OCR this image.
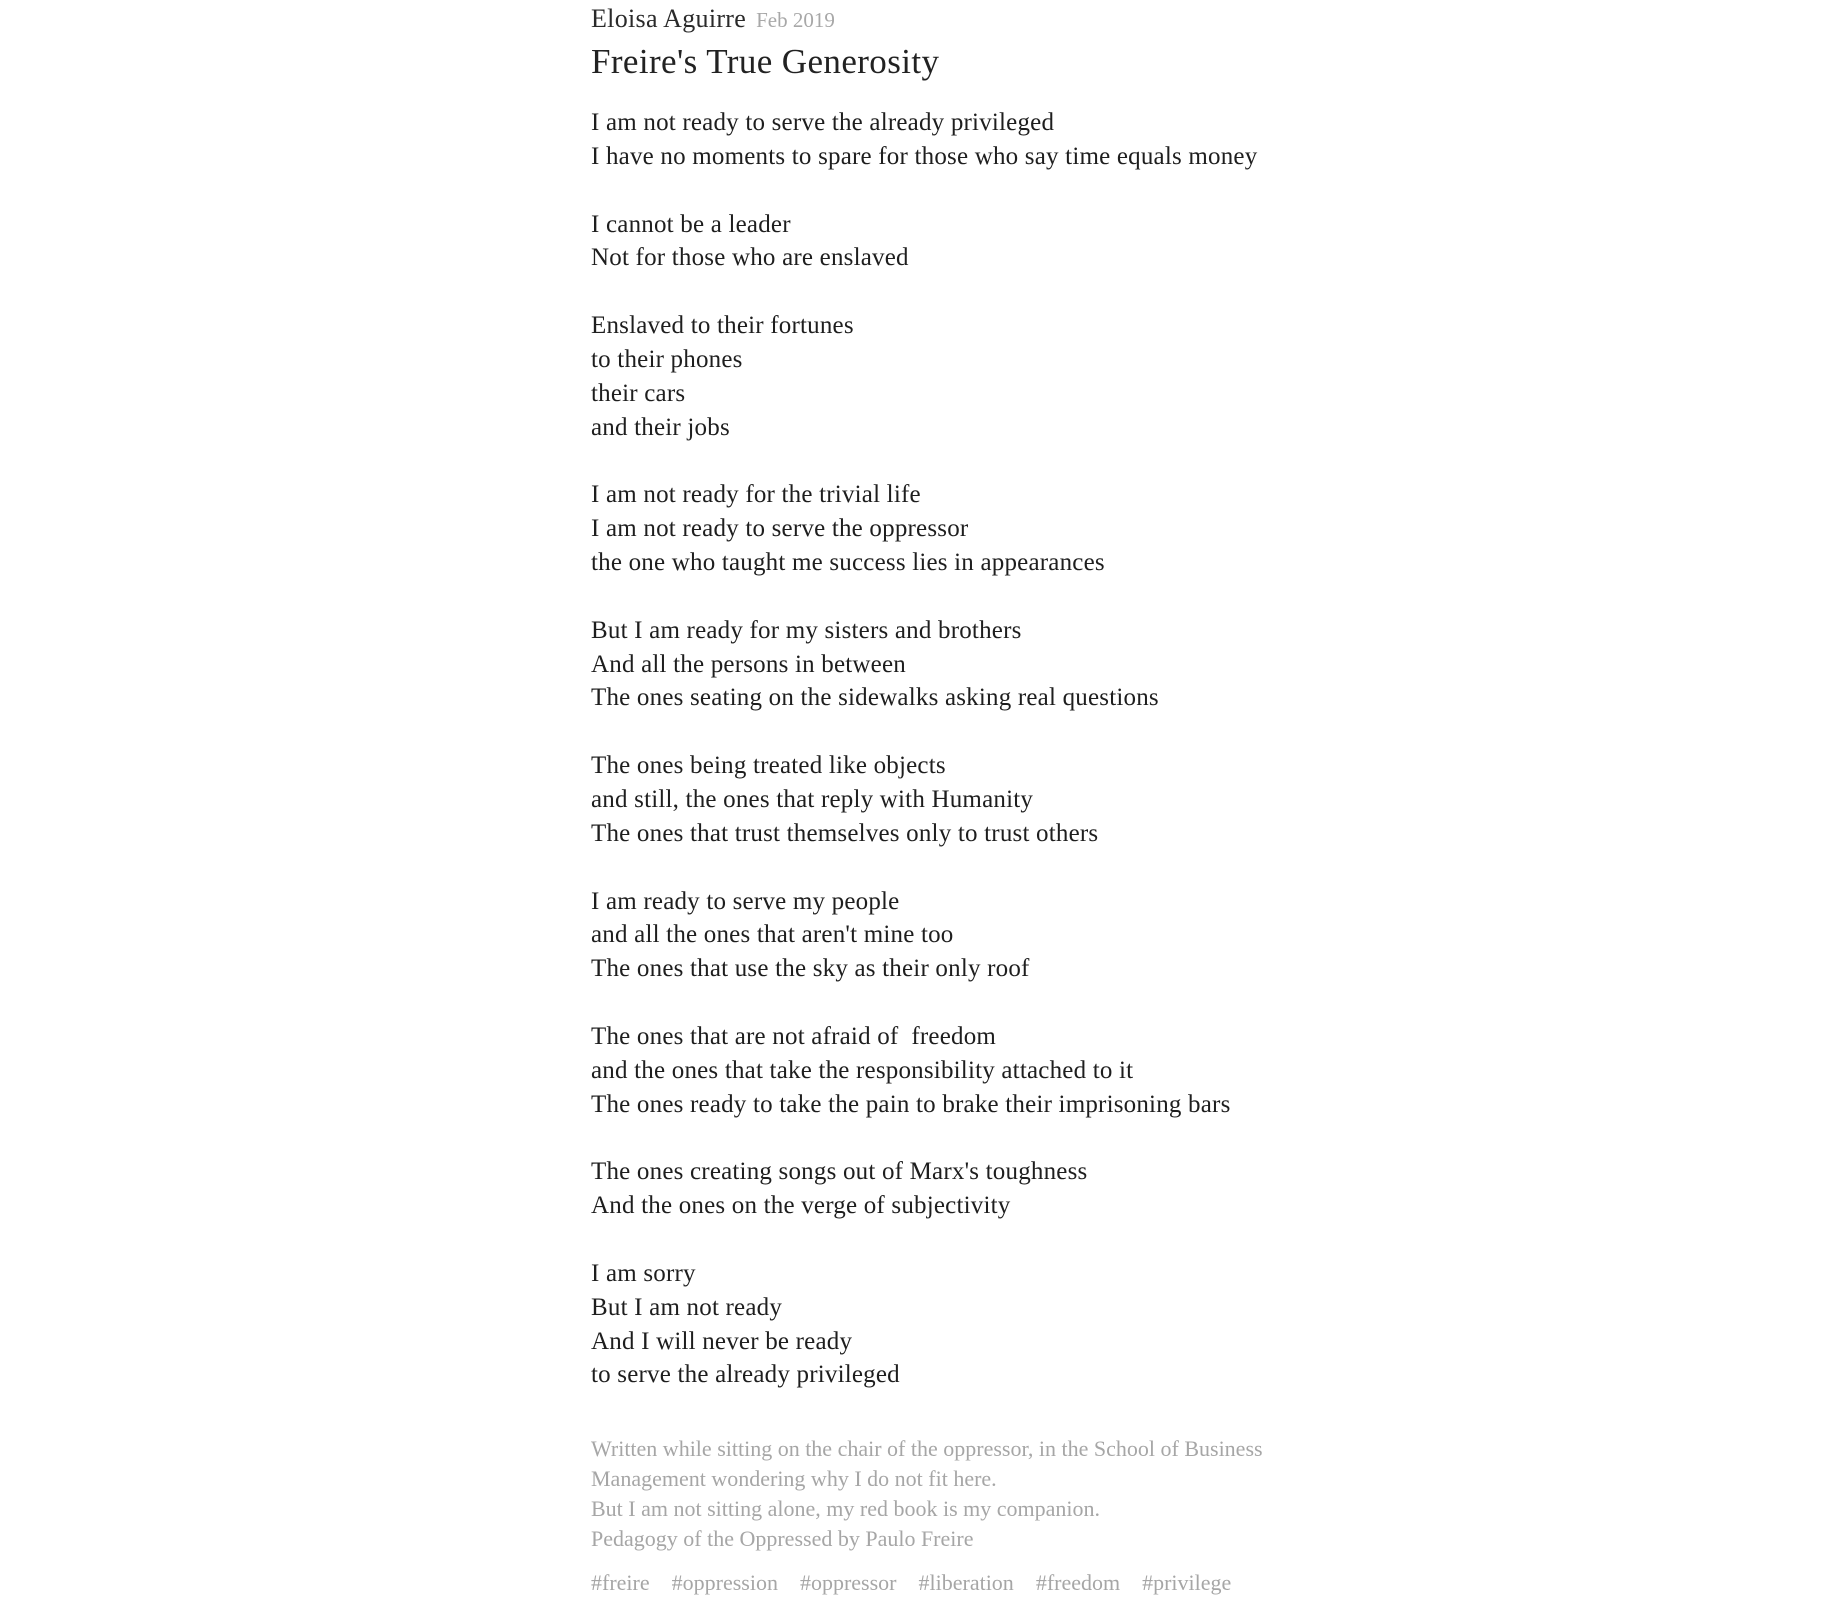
Eloisa Aguirre Feb 2019
Freire's True Generosity
I am not ready to serve the already privileged
I have no moments to spare for those who say time equals money
I cannot be a leader
Not for those who are enslaved
Enslaved to their fortunes
to their phones
their cars
and their jobs
I am not ready for the trivial life
I am not ready to serve the oppressor
the one who taught me success lies in appearances
But I am ready for my sisters and brothers
And all the persons in between
The ones seating on the sidewalks asking real questions
The ones being treated like objects
and still, the ones that reply with Humanity
The ones that trust themselves only to trust others
I am ready to serve my people
and all the ones that aren't mine too
The ones that use the sky as their only roof
The ones that are not afraid of  freedom
and the ones that take the responsibility attached to it
The ones ready to take the pain to brake their imprisoning bars
The ones creating songs out of Marx's toughness
And the ones on the verge of subjectivity
I am sorry
But I am not ready
And I will never be ready
to serve the already privileged
Written while sitting on the chair of the oppressor, in the School of Business
Management wondering why I do not fit here.
But I am not sitting alone, my red book is my companion.
Pedagogy of the Oppressed by Paulo Freire
#freire #oppression #oppressor #liberation #freedom #privilege
